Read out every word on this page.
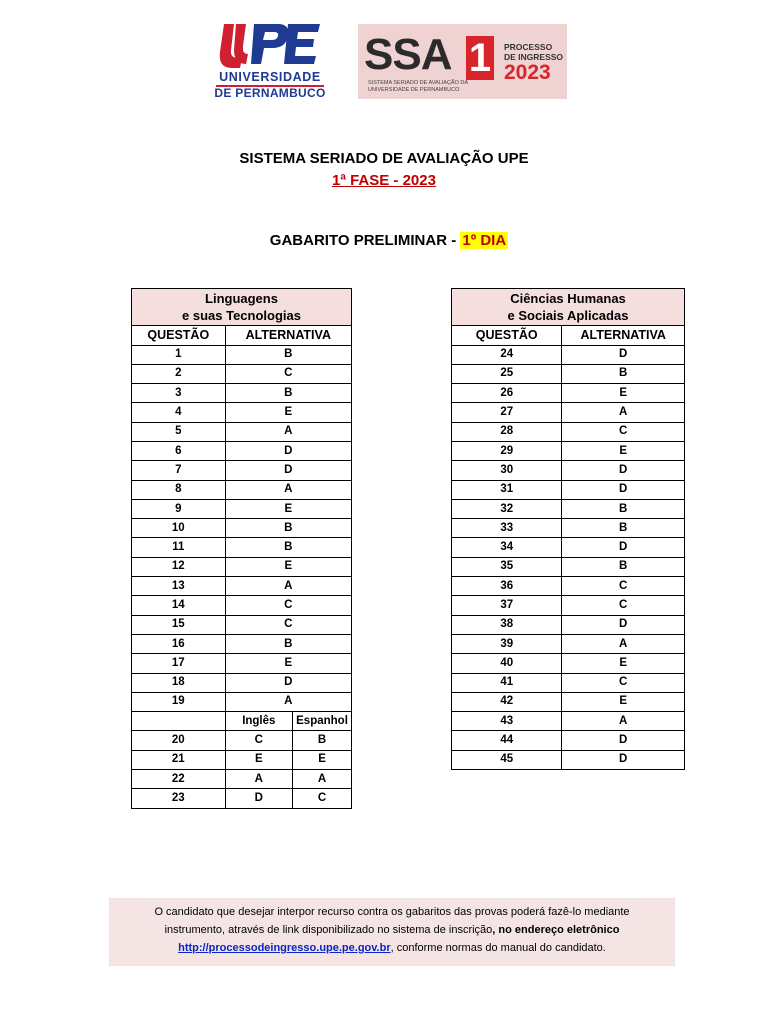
UNIVERSIDADE
DE PERNAMBUCO
SSA 1	PROCESSO
DE INGRESSO
2023
SISTEMA SERIADO DE AVALIAÇÃO DA
UNIVERSIDADE DE PERNAMBUCO
SISTEMA SERIADO DE AVALIAÇÃO UPE
1ª FASE - 2023
GABARITO PRELIMINAR - 1º DIA
Linguagens
e suas Tecnologias		
QUESTÃO	ALTERNATIVA	
1	B	
2	C	
3	B	
4	E	
5	A	
6	D	
7	D	
8	A	
9	E	
10	B	
11	B	
12	E	
13	A	
14	C	
15	C	
16	B	
17	E	
18	D	
19	A	
	Inglês	Espanhol
20	C	B
21	E	E
22	A	A
23	D	C
Ciências Humanas
e Sociais Aplicadas	
QUESTÃO	ALTERNATIVA
24	D
25	B
26	E
27	A
28	C
29	E
30	D
31	D
32	B
33	B
34	D
35	B
36	C
37	C
38	D
39	A
40	E
41	C
42	E
43	A
44	D
45	D
O candidato que desejar interpor recurso contra os gabaritos das provas poderá fazê-lo mediante
instrumento, através de link disponibilizado no sistema de inscrição, no endereço eletrônico
http://processodeingresso.upe.pe.gov.br, conforme normas do manual do candidato.
